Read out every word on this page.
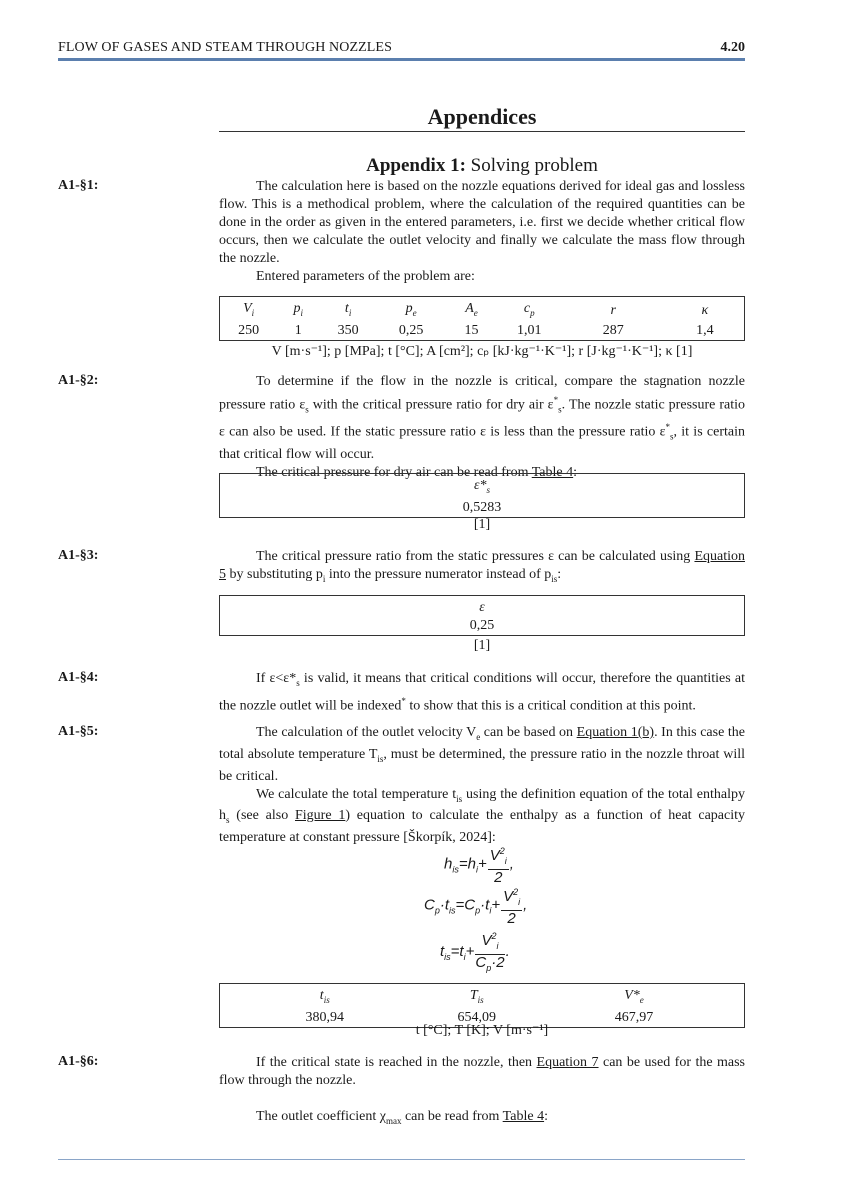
FLOW OF GASES AND STEAM THROUGH NOZZLES	4.20
Appendices
Appendix 1: Solving problem
A1-§1:	The calculation here is based on the nozzle equations derived for ideal gas and lossless flow. This is a methodical problem, where the calculation of the required quantities can be done in the order as given in the entered parameters, i.e. first we decide whether critical flow occurs, then we calculate the outlet velocity and finally we calculate the mass flow through the nozzle.
Entered parameters of the problem are:
$V_i$	$p_i$	$t_i$	$p_e$	$A_e$	$c_p$	r	κ
250	1	350	0,25	15	1,01	287	1,4
V [m·s⁻¹]; p [MPa]; t [°C]; A [cm²]; cₚ [kJ·kg⁻¹·K⁻¹]; r [J·kg⁻¹·K⁻¹]; κ [1]
A1-§2:	To determine if the flow in the nozzle is critical, compare the stagnation nozzle pressure ratio $\varepsilon_s$ with the critical pressure ratio for dry air $\varepsilon^*_s$. The nozzle static pressure ratio ε can also be used. If the static pressure ratio ε is less than the pressure ratio $\varepsilon^*_s$, it is certain that critical flow will occur.
The critical pressure for dry air can be read from Table 4:
$\varepsilon*_s$
0,5283
[1]
A1-§3:	The critical pressure ratio from the static pressures ε can be calculated using Equation 5 by substituting $p_i$ into the pressure numerator instead of $p_{is}$:
ε
0,25
[1]
A1-§4:	If $\varepsilon<\varepsilon*_s$ is valid, it means that critical conditions will occur, therefore the quantities at the nozzle outlet will be indexed* to show that this is a critical condition at this point.
A1-§5:	The calculation of the outlet velocity $V_e$ can be based on Equation 1(b). In this case the total absolute temperature $T_{is}$, must be determined, the pressure ratio in the nozzle throat will be critical.
We calculate the total temperature $t_{is}$ using the definition equation of the total enthalpy $h_s$ (see also Figure 1) equation to calculate the enthalpy as a function of heat capacity temperature at constant pressure [Škorpík, 2024]:
$h_{is}=h_i+ \frac{V^2_i}{2}$ ,
$C_p\cdot t_{is}=C_p\cdot t_i+ \frac{V^2_i}{2}$ ,
$t_{is}=t_i+ \frac{V^2_i}{C_p\cdot 2}$ .
$t_{is}$	$T_{is}$	$V*_e$
380,94	654,09	467,97
t [°C]; T [K]; V [m·s⁻¹]
A1-§6:	If the critical state is reached in the nozzle, then Equation 7 can be used for the mass flow through the nozzle.
The outlet coefficient $\chi_{max}$ can be read from Table 4:
